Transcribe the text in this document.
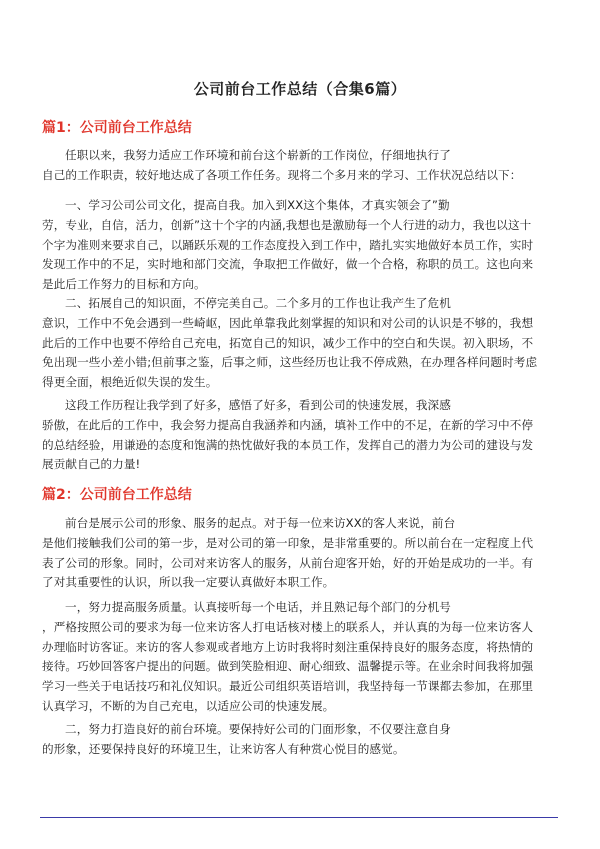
公司前台工作总结（合集6篇）
篇1：公司前台工作总结
任职以来，我努力适应工作环境和前台这个崭新的工作岗位，仔细地执行了
自己的工作职责，较好地达成了各项工作任务。现将二个多月来的学习、工作状况总结以下：
一、学习公司公司文化，提高自我。加入到XX这个集体，才真实领会了”勤
劳，专业，自信，活力，创新”这十个字的内涵,我想也是激励每一个人行进的动力，我也以这十
个字为准则来要求自己，以踊跃乐观的工作态度投入到工作中，踏扎实实地做好本员工作，实时
发现工作中的不足，实时地和部门交流，争取把工作做好，做一个合格，称职的员工。这也向来
是此后工作努力的目标和方向。
二、拓展自己的知识面，不停完美自己。二个多月的工作也让我产生了危机
意识，工作中不免会遇到一些崎岖，因此单靠我此刻掌握的知识和对公司的认识是不够的，我想
此后的工作中也要不停给自己充电，拓宽自己的知识，减少工作中的空白和失误。初入职场，不
免出现一些小差小错;但前事之鉴，后事之师，这些经历也让我不停成熟，在办理各样问题时考虑
得更全面，根绝近似失误的发生。
这段工作历程让我学到了好多，感悟了好多，看到公司的快速发展，我深感
骄傲，在此后的工作中，我会努力提高自我涵养和内涵，填补工作中的不足，在新的学习中不停
的总结经验，用谦逊的态度和饱满的热忱做好我的本员工作，发挥自己的潜力为公司的建设与发
展贡献自己的力量!
篇2：公司前台工作总结
前台是展示公司的形象、服务的起点。对于每一位来访XX的客人来说，前台
是他们接触我们公司的第一步，是对公司的第一印象，是非常重要的。所以前台在一定程度上代
表了公司的形象。同时，公司对来访客人的服务，从前台迎客开始，好的开始是成功的一半。有
了对其重要性的认识，所以我一定要认真做好本职工作。
一，努力提高服务质量。认真接听每一个电话，并且熟记每个部门的分机号
，严格按照公司的要求为每一位来访客人打电话核对楼上的联系人，并认真的为每一位来访客人
办理临时访客证。来访的客人参观或者地方上访时我将时刻注重保持良好的服务态度，将热情的
接待。巧妙回答客户提出的问题。做到笑脸相迎、耐心细致、温馨提示等。在业余时间我将加强
学习一些关于电话技巧和礼仪知识。最近公司组织英语培训，我坚持每一节课都去参加，在那里
认真学习，不断的为自己充电，以适应公司的快速发展。
二，努力打造良好的前台环境。要保持好公司的门面形象，不仅要注意自身
的形象，还要保持良好的环境卫生，让来访客人有种赏心悦目的感觉。
